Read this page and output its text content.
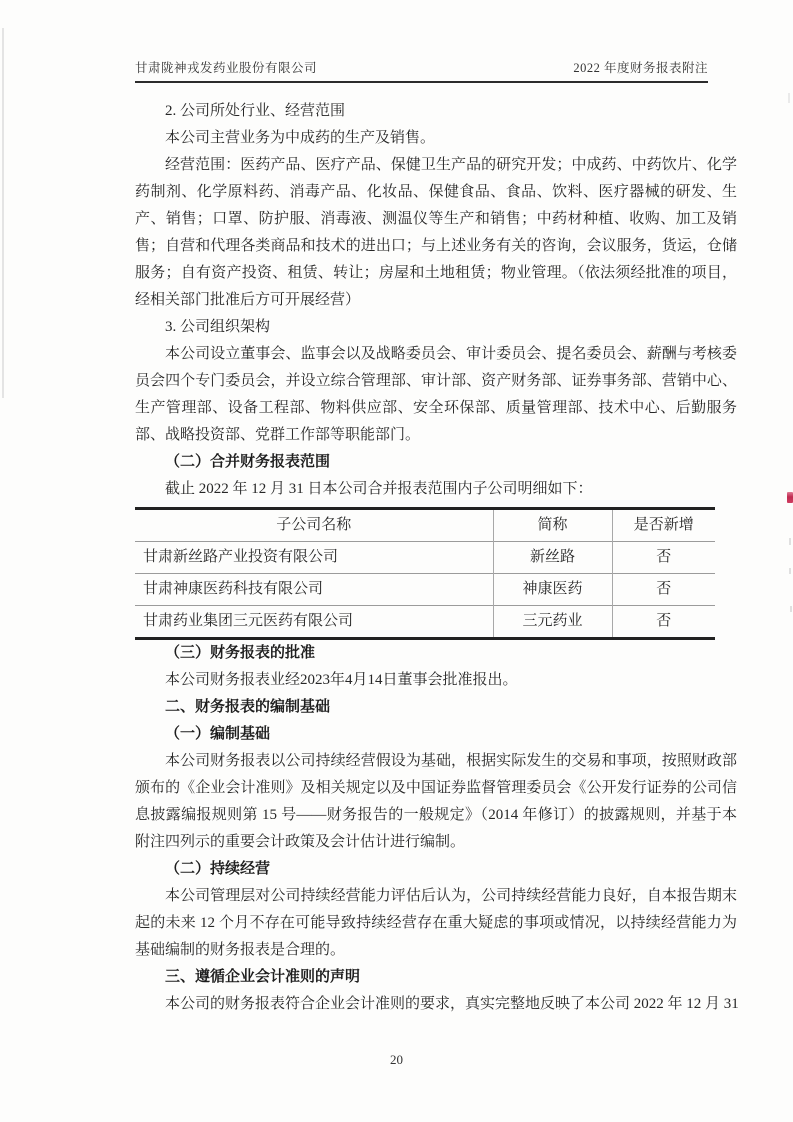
甘肃陇神戎发药业股份有限公司	2022 年度财务报表附注

2. 公司所处行业、经营范围

本公司主营业务为中成药的生产及销售。

经营范围：医药产品、医疗产品、保健卫生产品的研究开发；中成药、中药饮片、化学药制剂、化学原料药、消毒产品、化妆品、保健食品、食品、饮料、医疗器械的研发、生产、销售；口罩、防护服、消毒液、测温仪等生产和销售；中药材种植、收购、加工及销售；自营和代理各类商品和技术的进出口；与上述业务有关的咨询，会议服务，货运，仓储服务；自有资产投资、租赁、转让；房屋和土地租赁；物业管理。（依法须经批准的项目，经相关部门批准后方可开展经营）

3. 公司组织架构

本公司设立董事会、监事会以及战略委员会、审计委员会、提名委员会、薪酬与考核委员会四个专门委员会，并设立综合管理部、审计部、资产财务部、证券事务部、营销中心、生产管理部、设备工程部、物料供应部、安全环保部、质量管理部、技术中心、后勤服务部、战略投资部、党群工作部等职能部门。

（二）合并财务报表范围

截止 2022 年 12 月 31 日本公司合并报表范围内子公司明细如下：

子公司名称	简称	是否新增
甘肃新丝路产业投资有限公司	新丝路	否
甘肃神康医药科技有限公司	神康医药	否
甘肃药业集团三元医药有限公司	三元药业	否

（三）财务报表的批准

本公司财务报表业经2023年4月14日董事会批准报出。

二、财务报表的编制基础

（一）编制基础

本公司财务报表以公司持续经营假设为基础，根据实际发生的交易和事项，按照财政部颁布的《企业会计准则》及相关规定以及中国证券监督管理委员会《公开发行证券的公司信息披露编报规则第 15 号——财务报告的一般规定》（2014 年修订）的披露规则，并基于本附注四列示的重要会计政策及会计估计进行编制。

（二）持续经营

本公司管理层对公司持续经营能力评估后认为，公司持续经营能力良好，自本报告期末起的未来 12 个月不存在可能导致持续经营存在重大疑虑的事项或情况，以持续经营能力为基础编制的财务报表是合理的。

三、遵循企业会计准则的声明

本公司的财务报表符合企业会计准则的要求，真实完整地反映了本公司 2022 年 12 月 31

20
